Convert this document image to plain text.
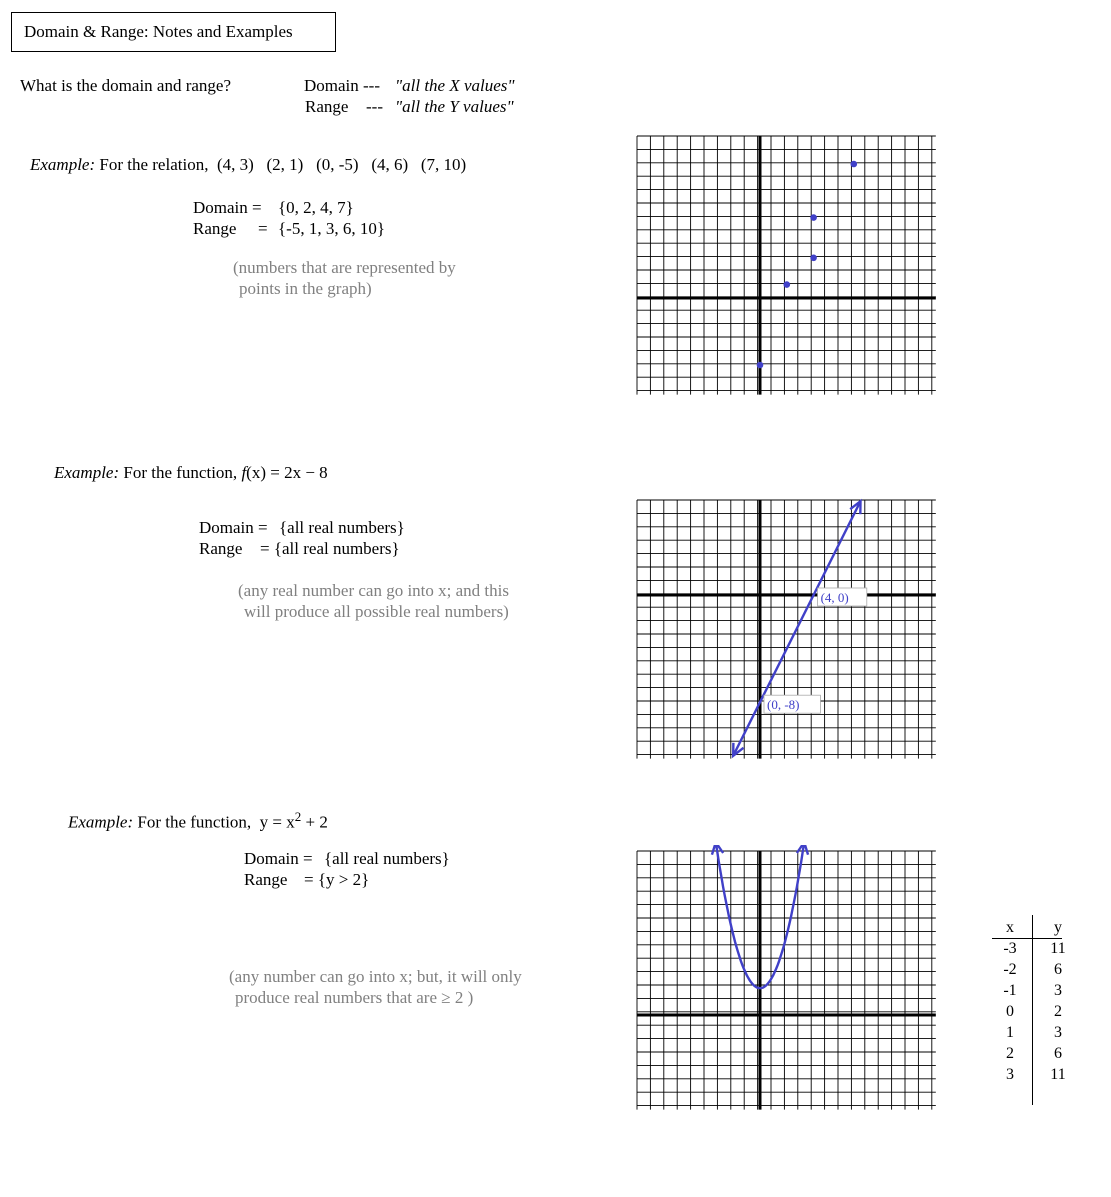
Domain & Range: Notes and Examples
What is the domain and range?	Domain --- "all the X values"
Range --- "all the Y values"
Example: For the relation,  (4, 3)   (2, 1)   (0, -5)   (4, 6)   (7, 10)
Domain = {0, 2, 4, 7}
Range = {-5, 1, 3, 6, 10}
(numbers that are represented by
points in the graph)
Example: For the function, f(x) = 2x − 8
Domain = {all real numbers}
Range = {all real numbers}
(any real number can go into x; and this
will produce all possible real numbers)
(4, 0)
(0, -8)
Example: For the function,  $y = x^2 + 2$
Domain = {all real numbers}
Range = {y > 2}
(any number can go into x; but, it will only
produce real numbers that are ≥ 2 )
x
-3
-2
-1
0
1
2
3
y
11
6
3
2
3
6
11
